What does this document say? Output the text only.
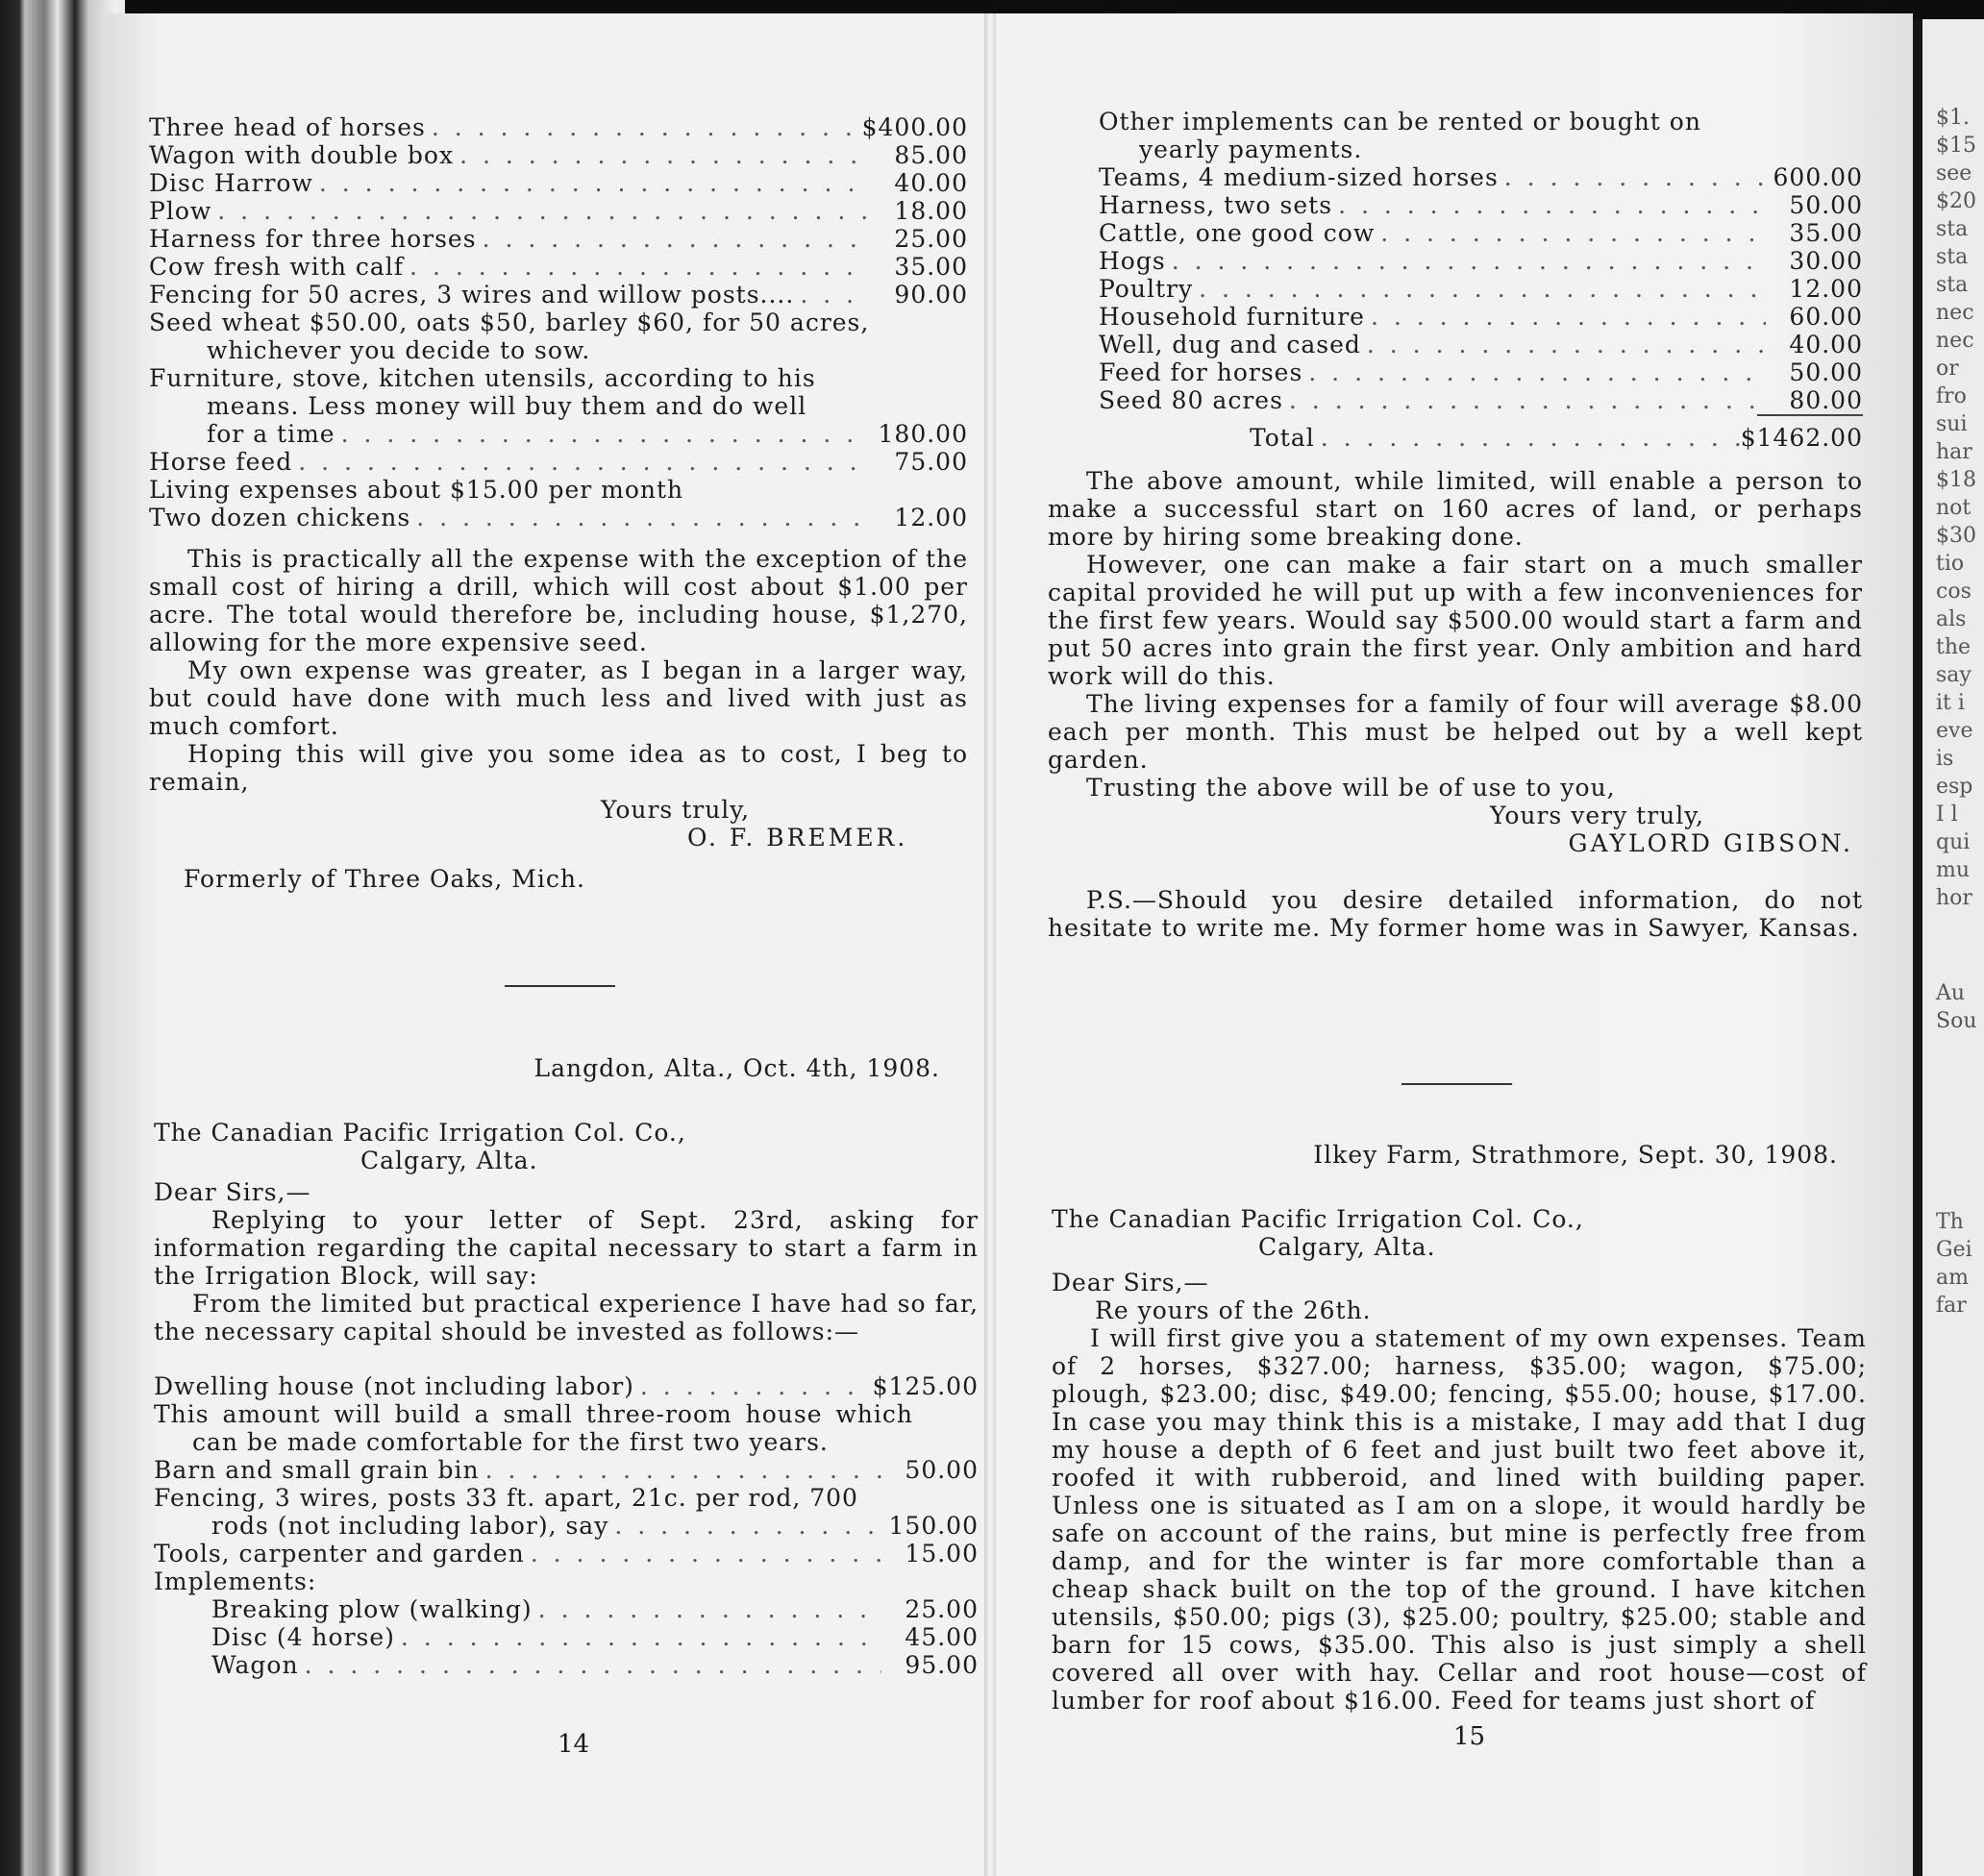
Three head of horses . . .	$400.00
Wagon with double box . . .	85.00
Disc Harrow . . .	40.00
Plow . . .	18.00
Harness for three horses . . .	25.00
Cow fresh with calf . . .	35.00
Fencing for 50 acres, 3 wires and willow posts.... . . .	90.00
Seed wheat $50.00, oats $50, barley $60, for 50 acres,
whichever you decide to sow.
Furniture, stove, kitchen utensils, according to his
means. Less money will buy them and do well
for a time . . .	180.00
Horse feed . . .	75.00
Living expenses about $15.00 per month
Two dozen chickens . . .	12.00

This is practically all the expense with the exception of the small cost of hiring a drill, which will cost about $1.00 per acre. The total would therefore be, including house, $1,270, allowing for the more expensive seed.

My own expense was greater, as I began in a larger way, but could have done with much less and lived with just as much comfort.

Hoping this will give you some idea as to cost, I beg to remain,

Yours truly,
O. F. BREMER.
Formerly of Three Oaks, Mich.
Langdon, Alta., Oct. 4th, 1908.
The Canadian Pacific Irrigation Col. Co.,
Calgary, Alta.
Dear Sirs,—

Replying to your letter of Sept. 23rd, asking for information regarding the capital necessary to start a farm in the Irrigation Block, will say:

From the limited but practical experience I have had so far, the necessary capital should be invested as follows:—

Dwelling house (not including labor) . . .	$125.00

This amount will build a small three-room house which can be made comfortable for the first two years.

Barn and small grain bin . . .	50.00
Fencing, 3 wires, posts 33 ft. apart, 21c. per rod, 700
rods (not including labor), say . . .	150.00
Tools, carpenter and garden . . .	15.00
Implements:
Breaking plow (walking) . . .	25.00
Disc (4 horse) . . .	45.00
Wagon . . .	95.00
14
Other implements can be rented or bought on
yearly payments.
Teams, 4 medium-sized horses . . .	600.00
Harness, two sets . . .	50.00
Cattle, one good cow . . .	35.00
Hogs . . .	30.00
Poultry . . .	12.00
Household furniture . . .	60.00
Well, dug and cased . . .	40.00
Feed for horses . . .	50.00
Seed 80 acres . . .	80.00
Total . . .	$1462.00

The above amount, while limited, will enable a person to make a successful start on 160 acres of land, or perhaps more by hiring some breaking done.

However, one can make a fair start on a much smaller capital provided he will put up with a few inconveniences for the first few years. Would say $500.00 would start a farm and put 50 acres into grain the first year. Only ambition and hard work will do this.

The living expenses for a family of four will average $8.00 each per month. This must be helped out by a well kept garden.

Trusting the above will be of use to you,

Yours very truly,
GAYLORD GIBSON.

P.S.—Should you desire detailed information, do not hesitate to write me. My former home was in Sawyer, Kansas.

Ilkey Farm, Strathmore, Sept. 30, 1908.
The Canadian Pacific Irrigation Col. Co.,
Calgary, Alta.
Dear Sirs,—
Re yours of the 26th.

I will first give you a statement of my own expenses. Team of 2 horses, $327.00; harness, $35.00; wagon, $75.00; plough, $23.00; disc, $49.00; fencing, $55.00; house, $17.00. In case you may think this is a mistake, I may add that I dug my house a depth of 6 feet and just built two feet above it, roofed it with rubberoid, and lined with building paper. Unless one is situated as I am on a slope, it would hardly be safe on account of the rains, but mine is perfectly free from damp, and for the winter is far more comfortable than a cheap shack built on the top of the ground. I have kitchen utensils, $50.00; pigs (3), $25.00; poultry, $25.00; stable and barn for 15 cows, $35.00. This also is just simply a shell covered all over with hay. Cellar and root house—cost of lumber for roof about $16.00. Feed for teams just short of

15
$1.
$15
see
$20
sta
sta
sta
nec
nec
or
fro
sui
har
$18
not
$30
tio
cos
als
the
say
it i
eve
is
esp
I l
qui
mu
hor
Au
Sou
Th
Gei
am
far
